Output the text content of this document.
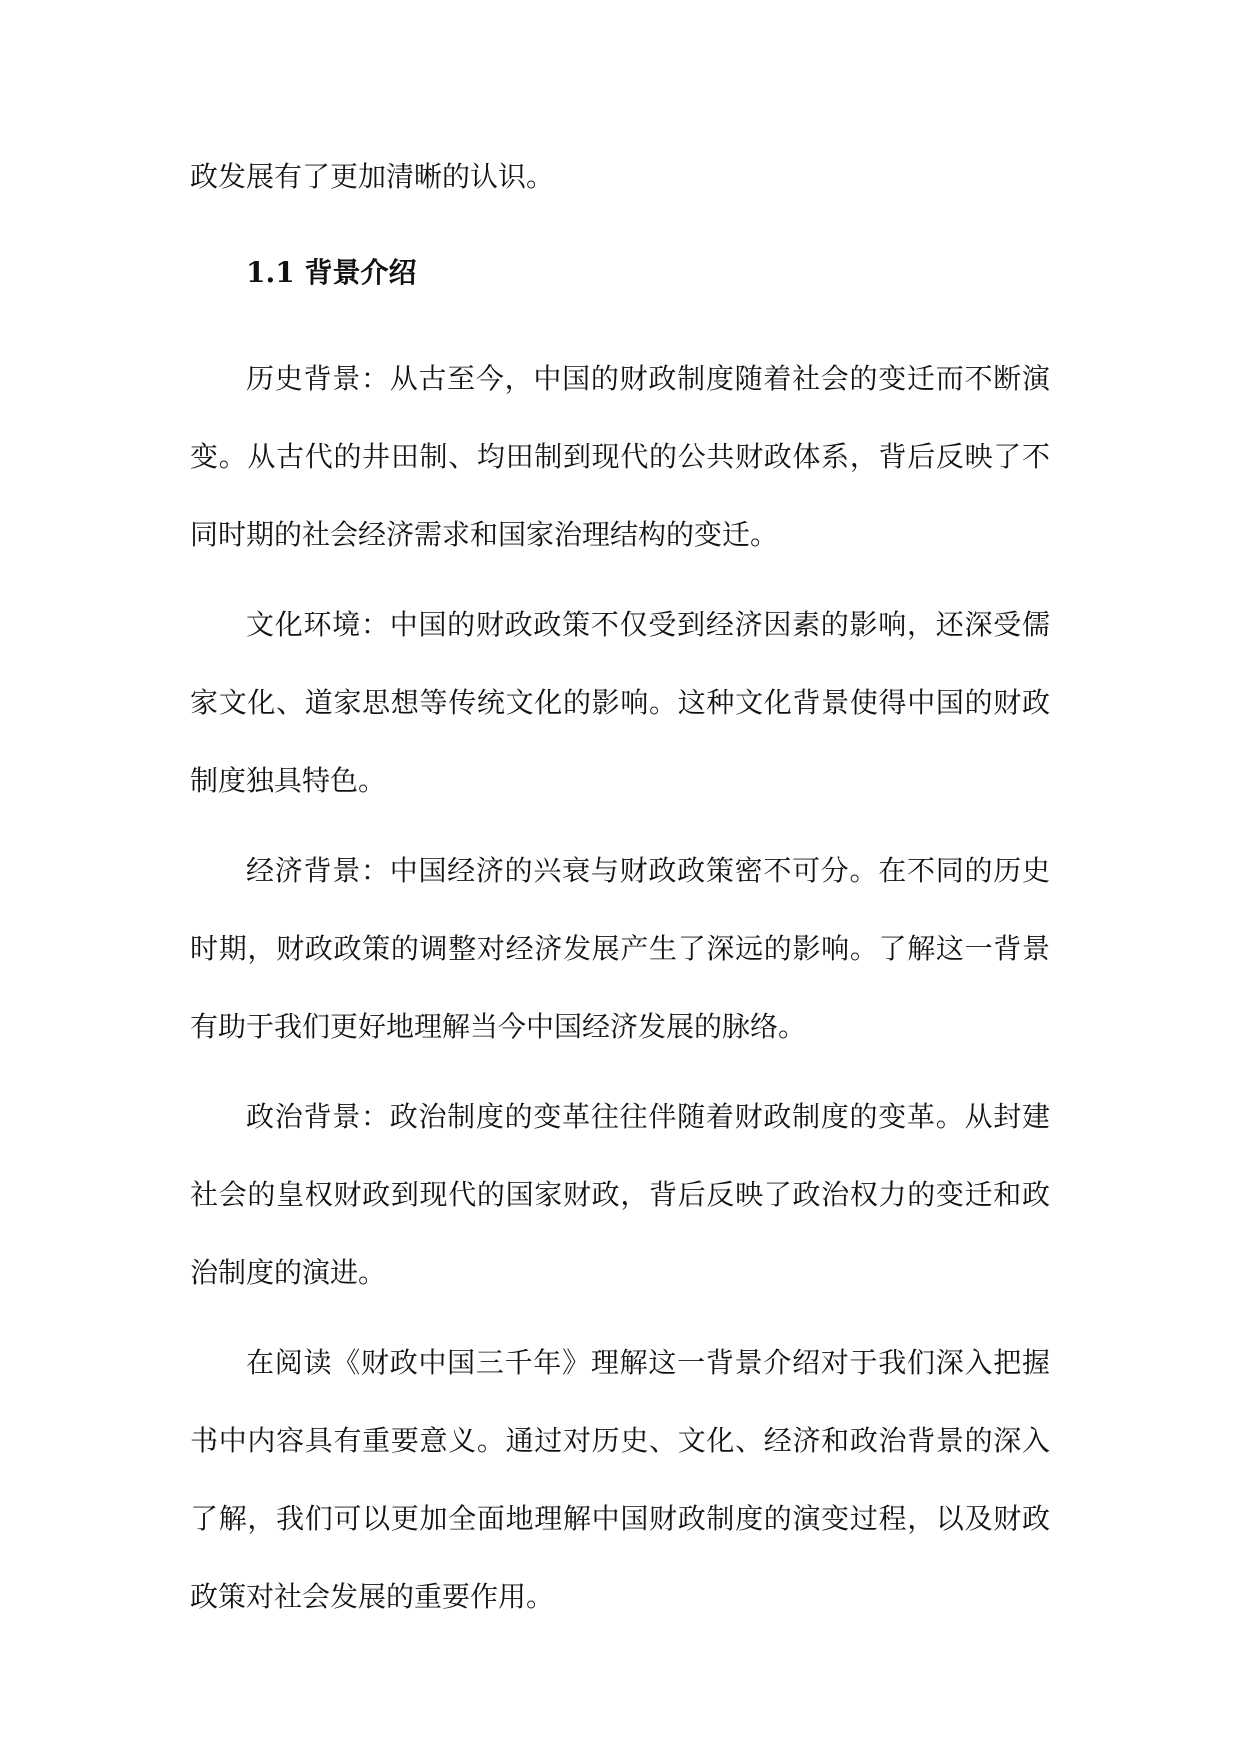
政发展有了更加清晰的认识。
1.1 背景介绍
历史背景：从古至今，中国的财政制度随着社会的变迁而不断演
变。从古代的井田制、均田制到现代的公共财政体系，背后反映了不
同时期的社会经济需求和国家治理结构的变迁。
文化环境：中国的财政政策不仅受到经济因素的影响，还深受儒
家文化、道家思想等传统文化的影响。这种文化背景使得中国的财政
制度独具特色。
经济背景：中国经济的兴衰与财政政策密不可分。在不同的历史
时期，财政政策的调整对经济发展产生了深远的影响。了解这一背景
有助于我们更好地理解当今中国经济发展的脉络。
政治背景：政治制度的变革往往伴随着财政制度的变革。从封建
社会的皇权财政到现代的国家财政，背后反映了政治权力的变迁和政
治制度的演进。
在阅读《财政中国三千年》理解这一背景介绍对于我们深入把握
书中内容具有重要意义。通过对历史、文化、经济和政治背景的深入
了解，我们可以更加全面地理解中国财政制度的演变过程，以及财政
政策对社会发展的重要作用。
